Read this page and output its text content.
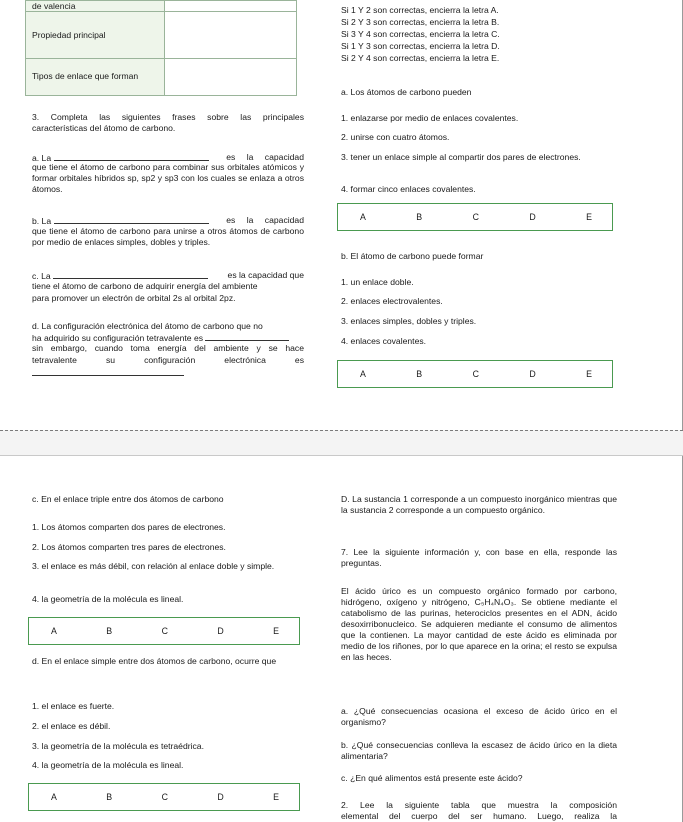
de valencia	
Propiedad principal	
Tipos de enlace que forman	
Si 1 Y 2 son correctas, encierra la letra A.
Si 2 Y 3 son correctas, encierra la letra B.
Si 3 Y 4 son correctas, encierra la letra C.
Si 1 Y 3 son correctas, encierra la letra D.
Si 2 Y 4 son correctas, encierra la letra E.
3. Completa las siguientes frases sobre las principales
características del átomo de carbono.
a. La	es la capacidad
que tiene el átomo de carbono para combinar sus orbitales atómicos y formar orbitales híbridos sp, sp2 y sp3 con los cuales se enlaza a otros átomos.
b. La	es la capacidad
que tiene el átomo de carbono para unirse a otros átomos de carbono por medio de enlaces simples, dobles y triples.
c. La	es la capacidad que
tiene el átomo de carbono de adquirir energía del ambiente
para promover un electrón de orbital 2s al orbital 2pz.
d. La configuración electrónica del átomo de carbono que no
ha adquirido su configuración tetravalente es
sin embargo, cuando toma energía del ambiente y se hace
tetravalente su configuración electrónica es
a. Los átomos de carbono pueden
1. enlazarse por medio de enlaces covalentes.
2. unirse con cuatro átomos.
3. tener un enlace simple al compartir dos pares de electrones.
4. formar cinco enlaces covalentes.
A	B	C	D	E
b. El átomo de carbono puede formar
1. un enlace doble.
2. enlaces electrovalentes.
3. enlaces simples, dobles y triples.
4. enlaces covalentes.
A	B	C	D	E
c. En el enlace triple entre dos átomos de carbono
1. Los átomos comparten dos pares de electrones.
2. Los átomos comparten tres pares de electrones.
3. el enlace es más débil, con relación al enlace doble y simple.
4. la geometría de la molécula es lineal.
A	B	C	D	E
d. En el enlace simple entre dos átomos de carbono, ocurre que
1. el enlace es fuerte.
2. el enlace es débil.
3. la geometría de la molécula es tetraédrica.
4. la geometría de la molécula es lineal.
A	B	C	D	E
D. La sustancia 1 corresponde a un compuesto inorgánico mientras que la sustancia 2 corresponde a un compuesto orgánico.
7. Lee la siguiente información y, con base en ella, responde las preguntas.
El ácido úrico es un compuesto orgánico formado por carbono, hidrógeno, oxígeno y nitrógeno, C₅H₄N₄O₃. Se obtiene mediante el catabolismo de las purinas, heterociclos presentes en el ADN, ácido desoxirribonucleico. Se adquieren mediante el consumo de alimentos que la contienen. La mayor cantidad de este ácido es eliminada por medio de los riñones, por lo que aparece en la orina; el resto se expulsa en las heces.
a. ¿Qué consecuencias ocasiona el exceso de ácido úrico en el organismo?
b. ¿Qué consecuencias conlleva la escasez de ácido úrico en la dieta alimentaria?
c. ¿En qué alimentos está presente este ácido?
2. Lee la siguiente tabla que muestra la composición
elemental del cuerpo del ser humano. Luego, realiza la
